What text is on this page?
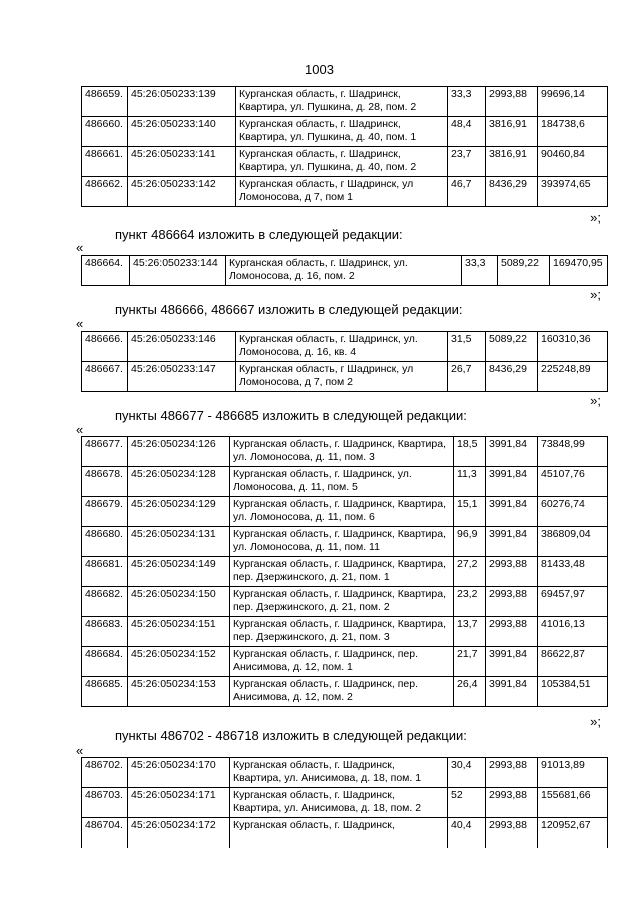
1003
486659.	45:26:050233:139	Курганская область, г. Шадринск, Квартира, ул. Пушкина, д. 28, пом. 2	33,3	2993,88	99696,14
486660.	45:26:050233:140	Курганская область, г. Шадринск, Квартира, ул. Пушкина, д. 40, пом. 1	48,4	3816,91	184738,6
486661.	45:26:050233:141	Курганская область, г. Шадринск, Квартира, ул. Пушкина, д. 40, пом. 2	23,7	3816,91	90460,84
486662.	45:26:050233:142	Курганская область, г Шадринск, ул Ломоносова, д 7, пом 1	46,7	8436,29	393974,65
»;
пункт 486664 изложить в следующей редакции:
«
486664.	45:26:050233:144	Курганская область, г. Шадринск, ул. Ломоносова, д. 16, пом. 2	33,3	5089,22	169470,95
»;
пункты 486666, 486667 изложить в следующей редакции:
«
486666.	45:26:050233:146	Курганская область, г. Шадринск, ул. Ломоносова, д. 16, кв. 4	31,5	5089,22	160310,36
486667.	45:26:050233:147	Курганская область, г Шадринск, ул Ломоносова, д 7, пом 2	26,7	8436,29	225248,89
»;
пункты 486677 - 486685 изложить в следующей редакции:
«
486677.	45:26:050234:126	Курганская область, г. Шадринск, Квартира, ул. Ломоносова, д. 11, пом. 3	18,5	3991,84	73848,99
486678.	45:26:050234:128	Курганская область, г. Шадринск, ул. Ломоносова, д. 11, пом. 5	11,3	3991,84	45107,76
486679.	45:26:050234:129	Курганская область, г. Шадринск, Квартира, ул. Ломоносова, д. 11, пом. 6	15,1	3991,84	60276,74
486680.	45:26:050234:131	Курганская область, г. Шадринск, Квартира, ул. Ломоносова, д. 11, пом. 11	96,9	3991,84	386809,04
486681.	45:26:050234:149	Курганская область, г. Шадринск, Квартира, пер. Дзержинского, д. 21, пом. 1	27,2	2993,88	81433,48
486682.	45:26:050234:150	Курганская область, г. Шадринск, Квартира, пер. Дзержинского, д. 21, пом. 2	23,2	2993,88	69457,97
486683.	45:26:050234:151	Курганская область, г. Шадринск, Квартира, пер. Дзержинского, д. 21, пом. 3	13,7	2993,88	41016,13
486684.	45:26:050234:152	Курганская область, г. Шадринск, пер. Анисимова, д. 12, пом. 1	21,7	3991,84	86622,87
486685.	45:26:050234:153	Курганская область, г. Шадринск, пер. Анисимова, д. 12, пом. 2	26,4	3991,84	105384,51
»;
пункты 486702 - 486718 изложить в следующей редакции:
«
486702.	45:26:050234:170	Курганская область, г. Шадринск, Квартира, ул. Анисимова, д. 18, пом. 1	30,4	2993,88	91013,89
486703.	45:26:050234:171	Курганская область, г. Шадринск, Квартира, ул. Анисимова, д. 18, пом. 2	52	2993,88	155681,66
486704.	45:26:050234:172	Курганская область, г. Шадринск,	40,4	2993,88	120952,67
